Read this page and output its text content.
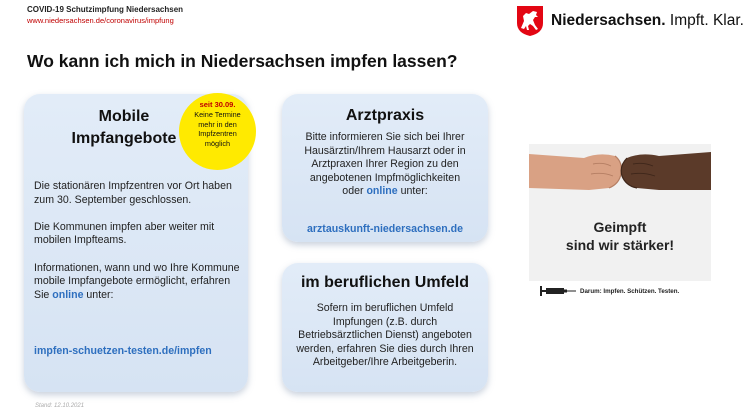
COVID-19 Schutzimpfung Niedersachsen
www.niedersachsen.de/coronavirus/impfung	Niedersachsen. Impft. Klar.
Wo kann ich mich in Niedersachsen impfen lassen?
Mobile
Impfangebote

Die stationären Impfzentren vor Ort haben zum 30. September geschlossen.

Die Kommunen impfen aber weiter mit mobilen Impfteams.

Informationen, wann und wo Ihre Kommune mobile Impfangebote ermöglicht, erfahren Sie online unter:

impfen-schuetzen-testen.de/impfen
seit 30.09.
Keine Termine
mehr in den
Impfzentren
möglich
Arztpraxis
Bitte informieren Sie sich bei Ihrer
Hausärztin/Ihrem Hausarzt oder in
Arztpraxen Ihrer Region zu den
angebotenen Impfmöglichkeiten
oder online unter:
arztauskunft-niedersachsen.de
im beruflichen Umfeld
Sofern im beruflichen Umfeld
Impfungen (z.B. durch
Betriebsärztlichen Dienst) angeboten
werden, erfahren Sie dies durch Ihren
Arbeitgeber/Ihre Arbeitgeberin.
Geimpft
sind wir stärker!
Darum: Impfen. Schützen. Testen.
Stand: 12.10.2021
